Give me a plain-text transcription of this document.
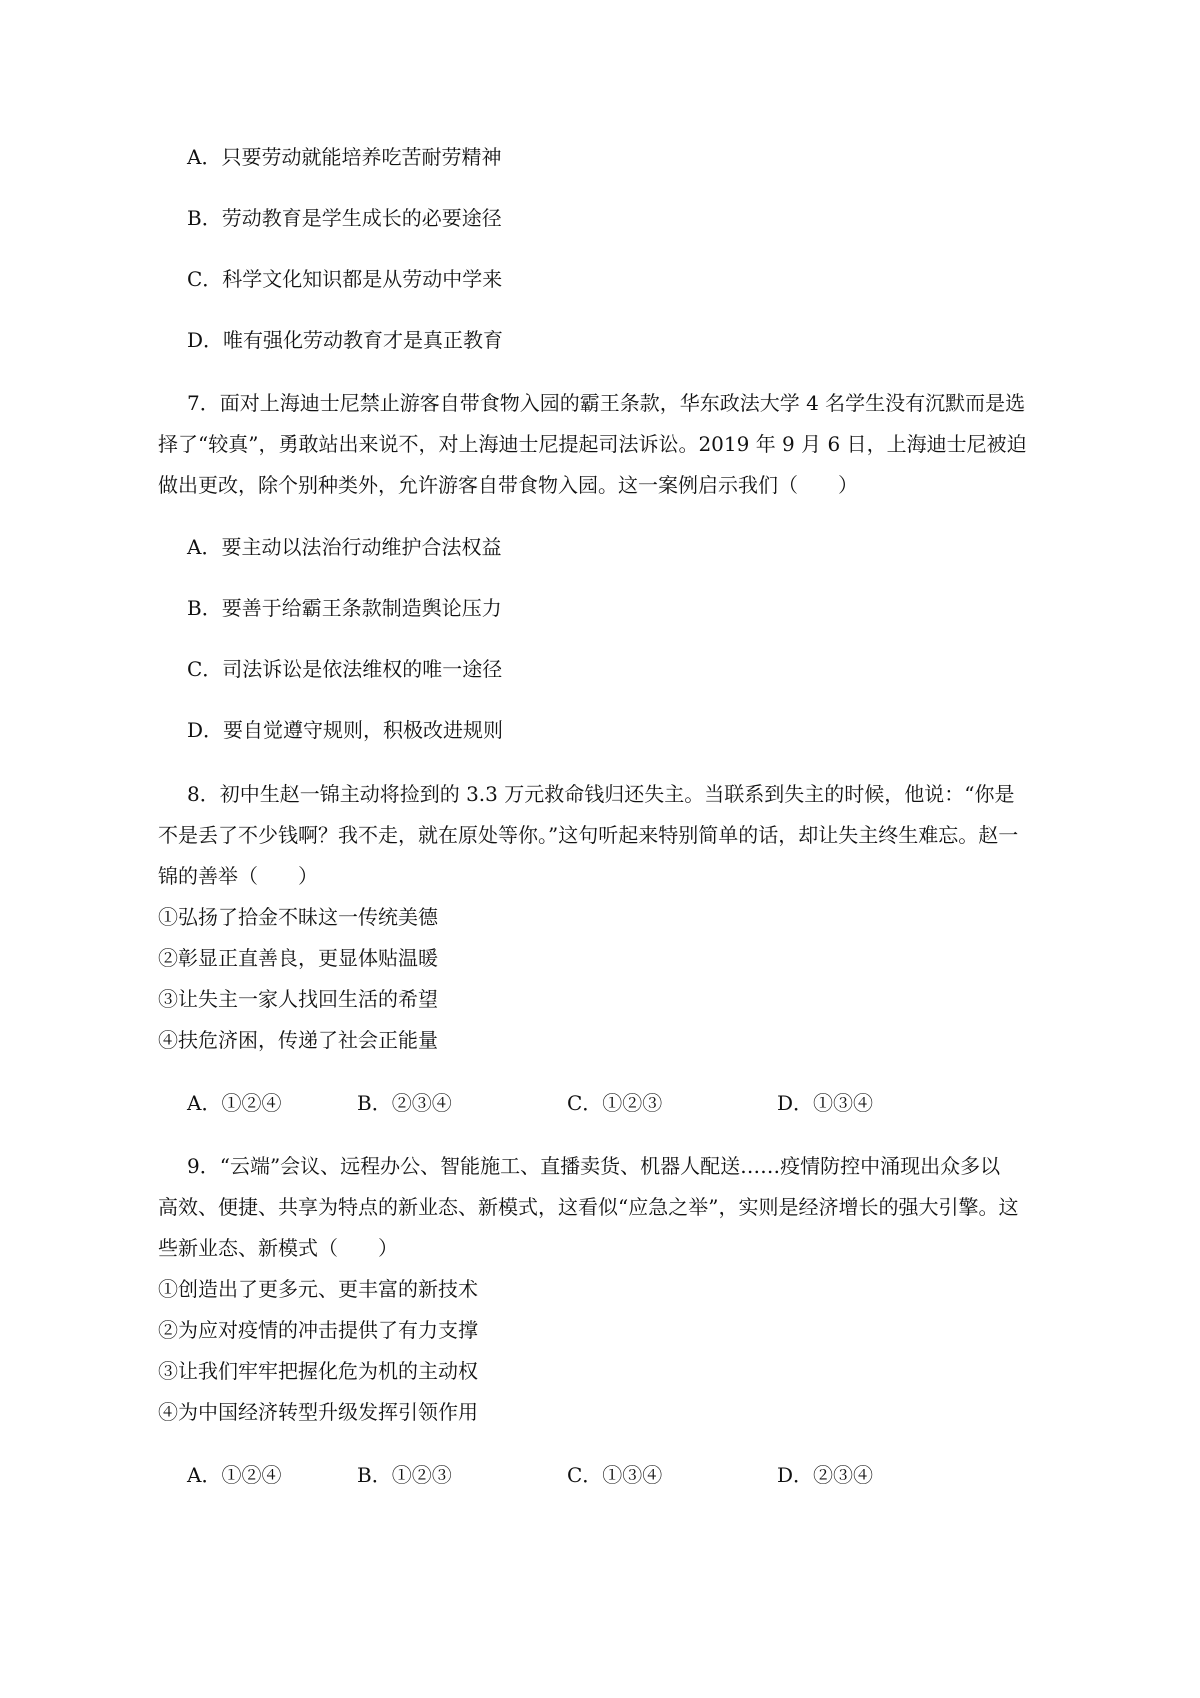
A．只要劳动就能培养吃苦耐劳精神
B．劳动教育是学生成长的必要途径
C．科学文化知识都是从劳动中学来
D．唯有强化劳动教育才是真正教育
7．面对上海迪士尼禁止游客自带食物入园的霸王条款，华东政法大学 4 名学生没有沉默而是选
择了“较真”，勇敢站出来说不，对上海迪士尼提起司法诉讼。2019 年 9 月 6 日，上海迪士尼被迫
做出更改，除个别种类外，允许游客自带食物入园。这一案例启示我们（　　）
A．要主动以法治行动维护合法权益
B．要善于给霸王条款制造舆论压力
C．司法诉讼是依法维权的唯一途径
D．要自觉遵守规则，积极改进规则
8．初中生赵一锦主动将捡到的 3.3 万元救命钱归还失主。当联系到失主的时候，他说：“你是
不是丢了不少钱啊？我不走，就在原处等你。”这句听起来特别简单的话，却让失主终生难忘。赵一
锦的善举（　　）
①弘扬了拾金不昧这一传统美德
②彰显正直善良，更显体贴温暖
③让失主一家人找回生活的希望
④扶危济困，传递了社会正能量
A．①②④	B．②③④	C．①②③	D．①③④
9．“云端”会议、远程办公、智能施工、直播卖货、机器人配送……疫情防控中涌现出众多以
高效、便捷、共享为特点的新业态、新模式，这看似“应急之举”，实则是经济增长的强大引擎。这
些新业态、新模式（　　）
①创造出了更多元、更丰富的新技术
②为应对疫情的冲击提供了有力支撑
③让我们牢牢把握化危为机的主动权
④为中国经济转型升级发挥引领作用
A．①②④	B．①②③	C．①③④	D．②③④
